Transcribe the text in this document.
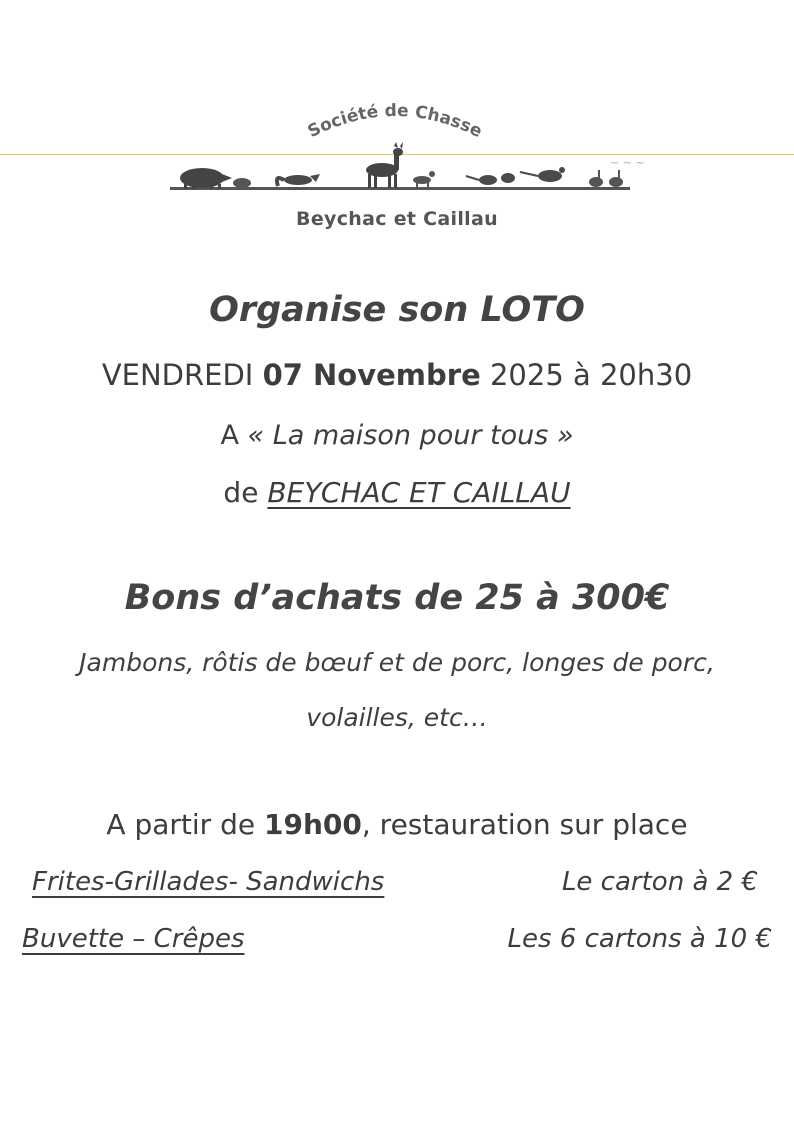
Société de Chasse
~ ~ ~
Beychac et Caillau
Organise son LOTO
VENDREDI 07 Novembre 2025 à 20h30
A « La maison pour tous »
de BEYCHAC ET CAILLAU
Bons d’achats de 25 à 300€
Jambons, rôtis de bœuf et de porc, longes de porc,
volailles, etc…
A partir de 19h00, restauration sur place
Frites-Grillades- Sandwichs	Le carton à 2 €
Buvette – Crêpes	Les 6 cartons à 10 €
